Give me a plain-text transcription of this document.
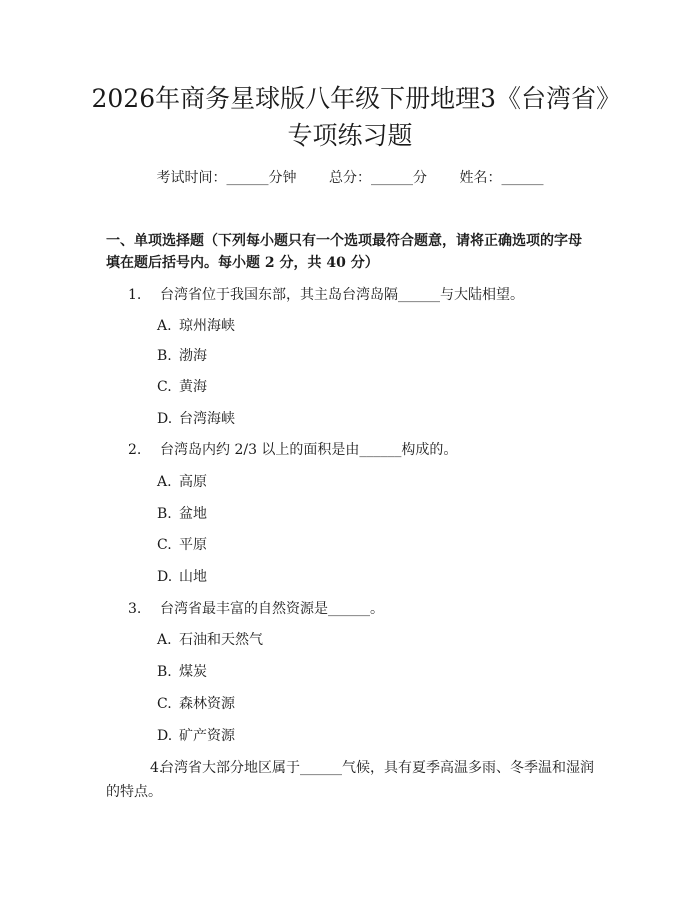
2026年商务星球版八年级下册地理3《台湾省》专项练习题
考试时间：______分钟 总分：______分 姓名：______

一、单项选择题（下列每小题只有一个选项最符合题意，请将正确选项的字母填在题后括号内。每小题 2 分，共 40 分）

1. 台湾省位于我国东部，其主岛台湾岛隔______与大陆相望。
A. 琼州海峡
B. 渤海
C. 黄海
D. 台湾海峡
2. 台湾岛内约 2/3 以上的面积是由______构成的。
A. 高原
B. 盆地
C. 平原
D. 山地
3. 台湾省最丰富的自然资源是______。
A. 石油和天然气
B. 煤炭
C. 森林资源
D. 矿产资源
4.台湾省大部分地区属于______气候，具有夏季高温多雨、冬季温和湿润的特点。
